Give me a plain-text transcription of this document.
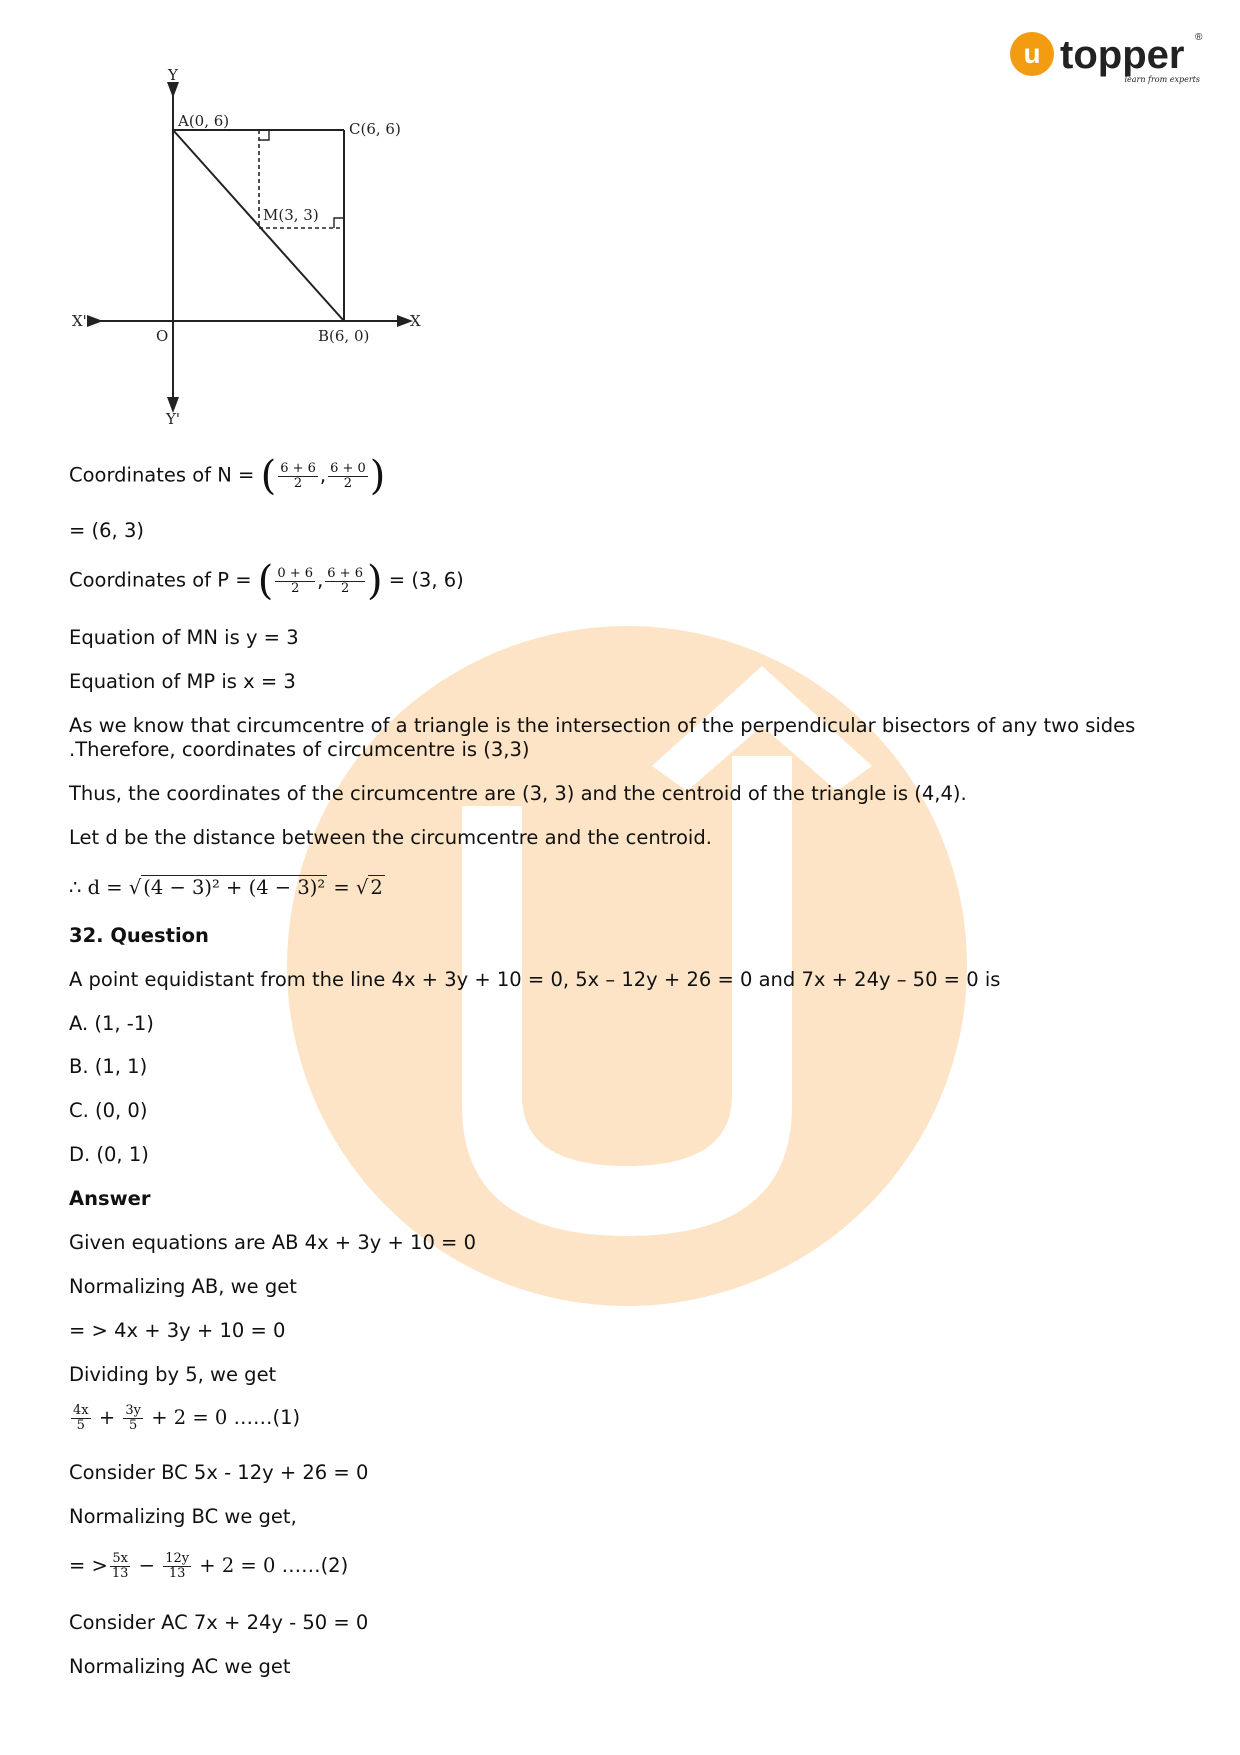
u topper ®
learn from experts
Y
Y'
X
X'
O
A(0, 6)	C(6, 6)
M(3, 3)
B(6, 0)
Coordinates of N = ( $\frac{6 + 6}{2}$ , $\frac{6 + 0}{2}$ )
= (6, 3)
Coordinates of P = ( $\frac{0 + 6}{2}$ , $\frac{6 + 6}{2}$ ) = (3, 6)
Equation of MN is y = 3
Equation of MP is x = 3
As we know that circumcentre of a triangle is the intersection of the perpendicular bisectors of any two sides .Therefore, coordinates of circumcentre is (3,3)
Thus, the coordinates of the circumcentre are (3, 3) and the centroid of the triangle is (4,4).
Let d be the distance between the circumcentre and the centroid.
∴ d = √ (4 − 3)² + (4 − 3)² = √ 2
32. Question
A point equidistant from the line 4x + 3y + 10 = 0, 5x – 12y + 26 = 0 and 7x + 24y – 50 = 0 is
A. (1, -1)
B. (1, 1)
C. (0, 0)
D. (0, 1)
Answer
Given equations are AB 4x + 3y + 10 = 0
Normalizing AB, we get
= > 4x + 3y + 10 = 0
Dividing by 5, we get
$\frac{4x}{5} + \frac{3y}{5} + 2 = 0$ ……(1)
Consider BC 5x - 12y + 26 = 0
Normalizing BC we get,
= > $\frac{5x}{13} - \frac{12y}{13} + 2 = 0$ ……(2)
Consider AC 7x + 24y - 50 = 0
Normalizing AC we get
